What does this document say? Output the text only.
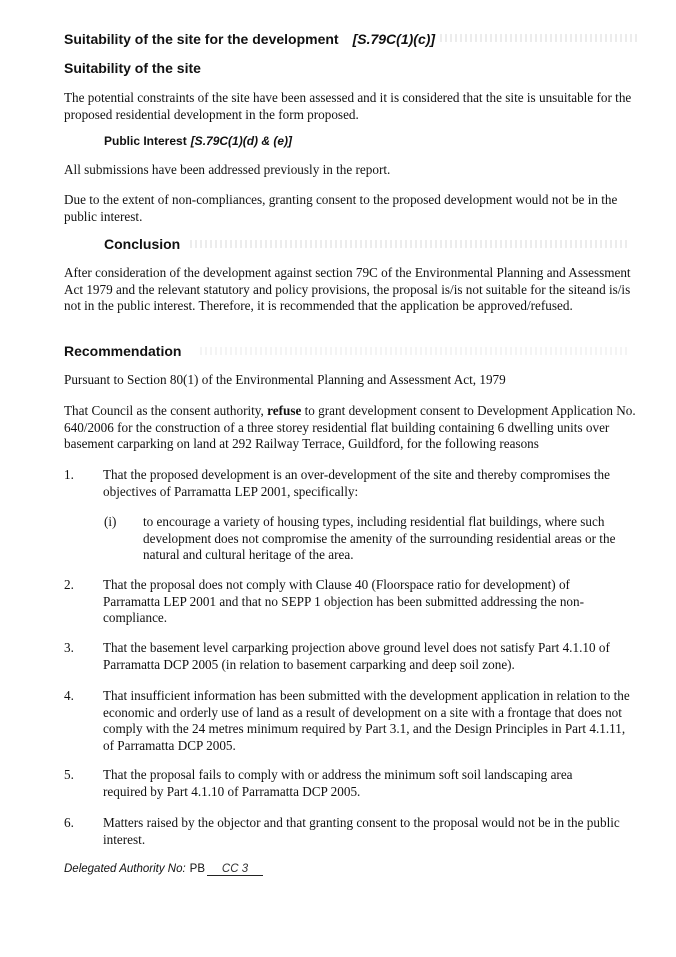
Suitability of the site for the development [S.79C(1)(c)]
Suitability of the site
The potential constraints of the site have been assessed and it is considered that the site is unsuitable for the proposed residential development in the form proposed.
Public Interest [S.79C(1)(d) & (e)]
All submissions have been addressed previously in the report.
Due to the extent of non-compliances, granting consent to the proposed development would not be in the public interest.
Conclusion
After consideration of the development against section 79C of the Environmental Planning and Assessment Act 1979 and the relevant statutory and policy provisions, the proposal is/is not suitable for the siteand is/is not in the public interest. Therefore, it is recommended that the application be approved/refused.
Recommendation
Pursuant to Section 80(1) of the Environmental Planning and Assessment Act, 1979
That Council as the consent authority, refuse to grant development consent to Development Application No. 640/2006 for the construction of a three storey residential flat building containing 6 dwelling units over basement carparking on land at 292 Railway Terrace, Guildford, for the following reasons
1. That the proposed development is an over-development of the site and thereby compromises the objectives of Parramatta LEP 2001, specifically:
(i) to encourage a variety of housing types, including residential flat buildings, where such development does not compromise the amenity of the surrounding residential areas or the natural and cultural heritage of the area.
2. That the proposal does not comply with Clause 40 (Floorspace ratio for development) of Parramatta LEP 2001 and that no SEPP 1 objection has been submitted addressing the non-compliance.
3. That the basement level carparking projection above ground level does not satisfy Part 4.1.10 of Parramatta DCP 2005 (in relation to basement carparking and deep soil zone).
4. That insufficient information has been submitted with the development application in relation to the economic and orderly use of land as a result of development on a site with a frontage that does not comply with the 24 metres minimum required by Part 3.1, and the Design Principles in Part 4.1.11, of Parramatta DCP 2005.
5. That the proposal fails to comply with or address the minimum soft soil landscaping area required by Part 4.1.10 of Parramatta DCP 2005.
6. Matters raised by the objector and that granting consent to the proposal would not be in the public interest.
Delegated Authority No: PB CC 3
